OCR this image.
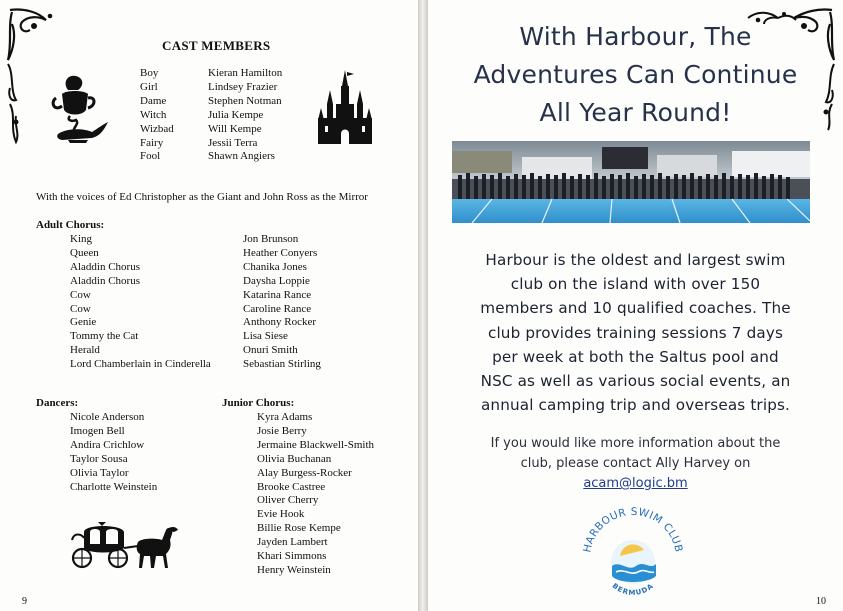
CAST MEMBERS
Boy
Girl
Dame
Witch
Wizbad
Fairy
Fool
Kieran Hamilton
Lindsey Frazier
Stephen Notman
Julia Kempe
Will Kempe
Jessii Terra
Shawn Angiers
With the voices of Ed Christopher as the Giant and John Ross as the Mirror
Adult Chorus:
King
Queen
Aladdin Chorus
Aladdin Chorus
Cow
Cow
Genie
Tommy the Cat
Herald
Lord Chamberlain in Cinderella
Jon Brunson
Heather Conyers
Chanika Jones
Daysha Loppie
Katarina Rance
Caroline Rance
Anthony Rocker
Lisa Siese
Onuri Smith
Sebastian Stirling
Dancers:
Nicole Anderson
Imogen Bell
Andira Crichlow
Taylor Sousa
Olivia Taylor
Charlotte Weinstein
Junior Chorus:
Kyra Adams
Josie Berry
Jermaine Blackwell-Smith
Olivia Buchanan
Alay Burgess-Rocker
Brooke Castree
Oliver Cherry
Evie Hook
Billie Rose Kempe
Jayden Lambert
Khari Simmons
Henry Weinstein
9
With Harbour, The
Adventures Can Continue
All Year Round!
Harbour is the oldest and largest swim
club on the island with over 150
members and 10 qualified coaches. The
club provides training sessions 7 days
per week at both the Saltus pool and
NSC as well as various social events, an
annual camping trip and overseas trips.
If you would like more information about the
club, please contact Ally Harvey on
acam@logic.bm
HARBOUR SWIM CLUB
BERMUDA
10
